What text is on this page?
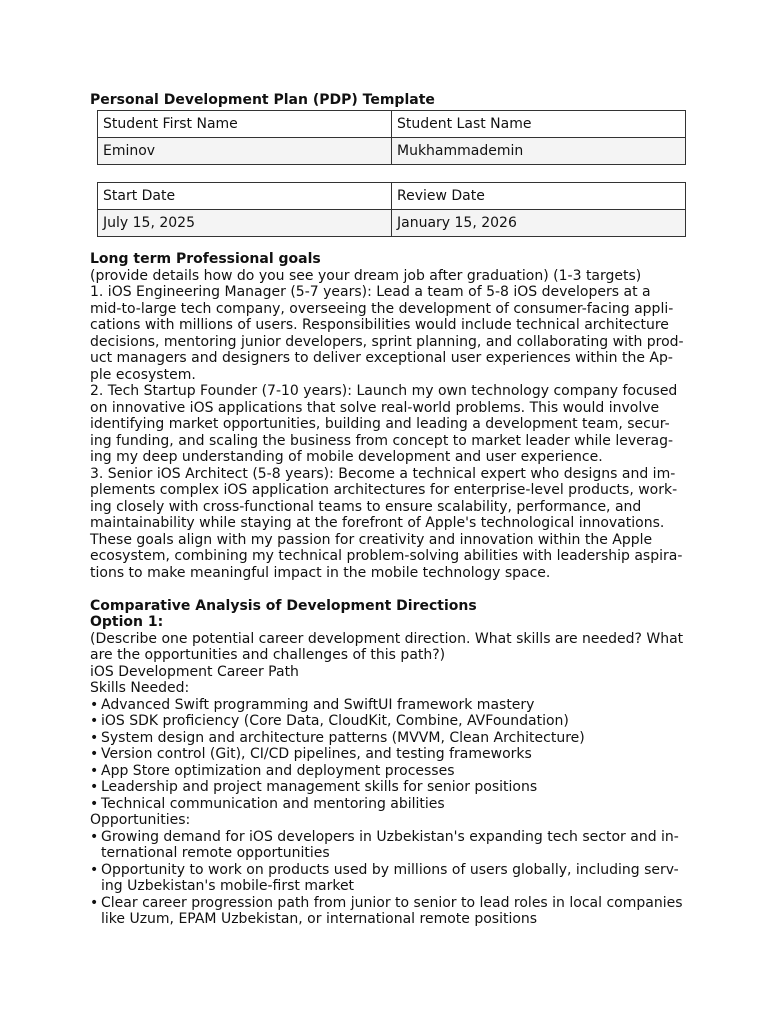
Personal Development Plan (PDP) Template

Student First Name	Student Last Name
Eminov	Mukhammademin
Start Date	Review Date
July 15, 2025	January 15, 2026

Long term Professional goals

(provide details how do you see your dream job after graduation) (1-3 targets)

1. iOS Engineering Manager (5-7 years): Lead a team of 5-8 iOS developers at a
mid-to-large tech company, overseeing the development of consumer-facing appli-
cations with millions of users. Responsibilities would include technical architecture
decisions, mentoring junior developers, sprint planning, and collaborating with prod-
uct managers and designers to deliver exceptional user experiences within the Ap-
ple ecosystem.
2. Tech Startup Founder (7-10 years): Launch my own technology company focused
on innovative iOS applications that solve real-world problems. This would involve
identifying market opportunities, building and leading a development team, secur-
ing funding, and scaling the business from concept to market leader while leverag-
ing my deep understanding of mobile development and user experience.
3. Senior iOS Architect (5-8 years): Become a technical expert who designs and im-
plements complex iOS application architectures for enterprise-level products, work-
ing closely with cross-functional teams to ensure scalability, performance, and
maintainability while staying at the forefront of Apple's technological innovations.
These goals align with my passion for creativity and innovation within the Apple
ecosystem, combining my technical problem-solving abilities with leadership aspira-
tions to make meaningful impact in the mobile technology space.

Comparative Analysis of Development Directions

Option 1:

(Describe one potential career development direction. What skills are needed? What
are the opportunities and challenges of this path?)

iOS Development Career Path

Skills Needed:

• Advanced Swift programming and SwiftUI framework mastery
• iOS SDK proficiency (Core Data, CloudKit, Combine, AVFoundation)
• System design and architecture patterns (MVVM, Clean Architecture)
• Version control (Git), CI/CD pipelines, and testing frameworks
• App Store optimization and deployment processes
• Leadership and project management skills for senior positions
• Technical communication and mentoring abilities

Opportunities:

• Growing demand for iOS developers in Uzbekistan's expanding tech sector and in-
ternational remote opportunities
• Opportunity to work on products used by millions of users globally, including serv-
ing Uzbekistan's mobile-first market
• Clear career progression path from junior to senior to lead roles in local companies
like Uzum, EPAM Uzbekistan, or international remote positions
